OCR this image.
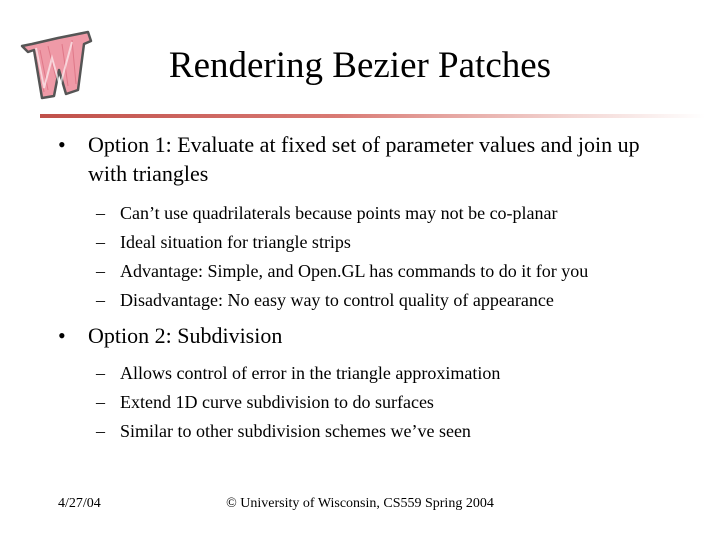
Rendering Bezier Patches
• Option 1: Evaluate at fixed set of parameter values and join up with triangles
– Can’t use quadrilaterals because points may not be co-planar
– Ideal situation for triangle strips
– Advantage: Simple, and Open.GL has commands to do it for you
– Disadvantage: No easy way to control quality of appearance
• Option 2: Subdivision
– Allows control of error in the triangle approximation
– Extend 1D curve subdivision to do surfaces
– Similar to other subdivision schemes we’ve seen
4/27/04	© University of Wisconsin, CS559 Spring 2004
